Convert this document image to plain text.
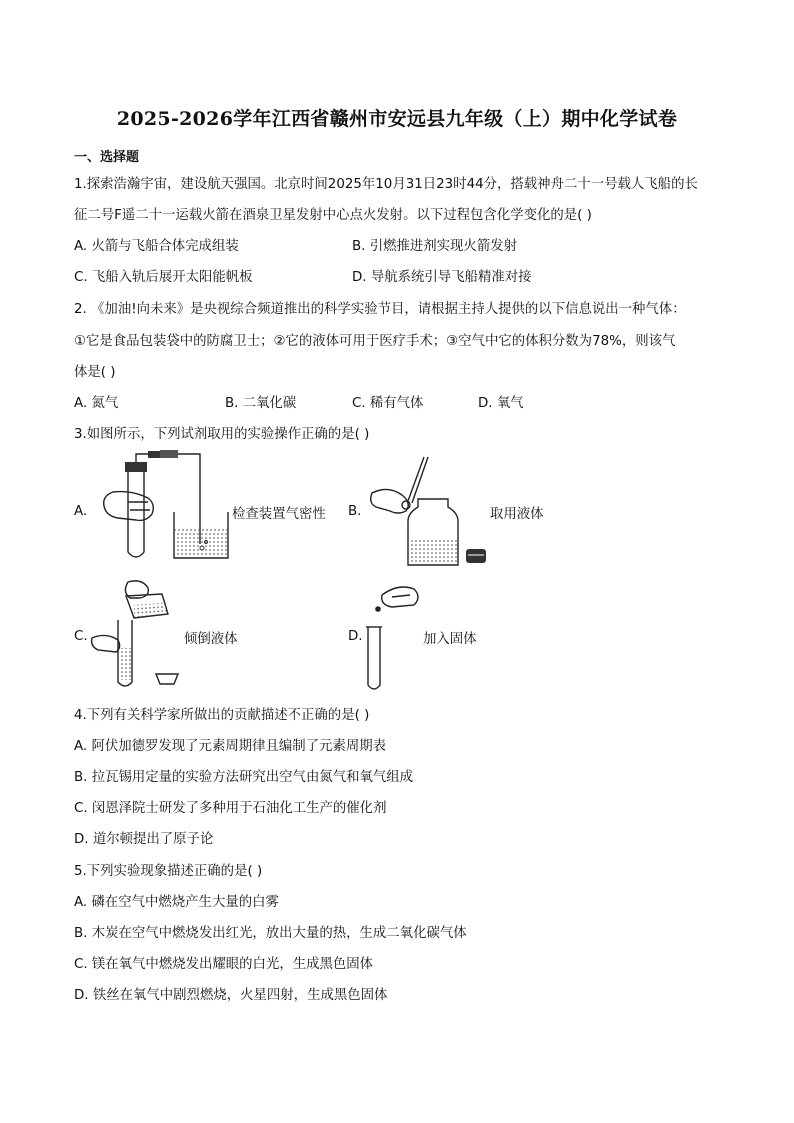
2025-2026学年江西省赣州市安远县九年级（上）期中化学试卷
一、选择题
1.探索浩瀚宇宙，建设航天强国。北京时间2025年10月31日23时44分，搭载神舟二十一号载人飞船的长
征二号F遥二十一运载火箭在酒泉卫星发射中心点火发射。以下过程包含化学变化的是( )
A. 火箭与飞船合体完成组装	B. 引燃推进剂实现火箭发射
C. 飞船入轨后展开太阳能帆板	D. 导航系统引导飞船精准对接
2. 《加油!向未来》是央视综合频道推出的科学实验节目，请根据主持人提供的以下信息说出一种气体：
①它是食品包装袋中的防腐卫士；②它的液体可用于医疗手术；③空气中它的体积分数为78%，则该气
体是( )
A. 氮气	B. 二氧化碳	C. 稀有气体	D. 氧气
3.如图所示，下列试剂取用的实验操作正确的是( )
A.	检查装置气密性 B.	取用液体
C.	倾倒液体	D.	加入固体
4.下列有关科学家所做出的贡献描述不正确的是( )
A. 阿伏加德罗发现了元素周期律且编制了元素周期表
B. 拉瓦锡用定量的实验方法研究出空气由氮气和氧气组成
C. 闵恩泽院士研发了多种用于石油化工生产的催化剂
D. 道尔顿提出了原子论
5.下列实验现象描述正确的是( )
A. 磷在空气中燃烧产生大量的白雾
B. 木炭在空气中燃烧发出红光，放出大量的热，生成二氧化碳气体
C. 镁在氧气中燃烧发出耀眼的白光，生成黑色固体
D. 铁丝在氧气中剧烈燃烧，火星四射，生成黑色固体
